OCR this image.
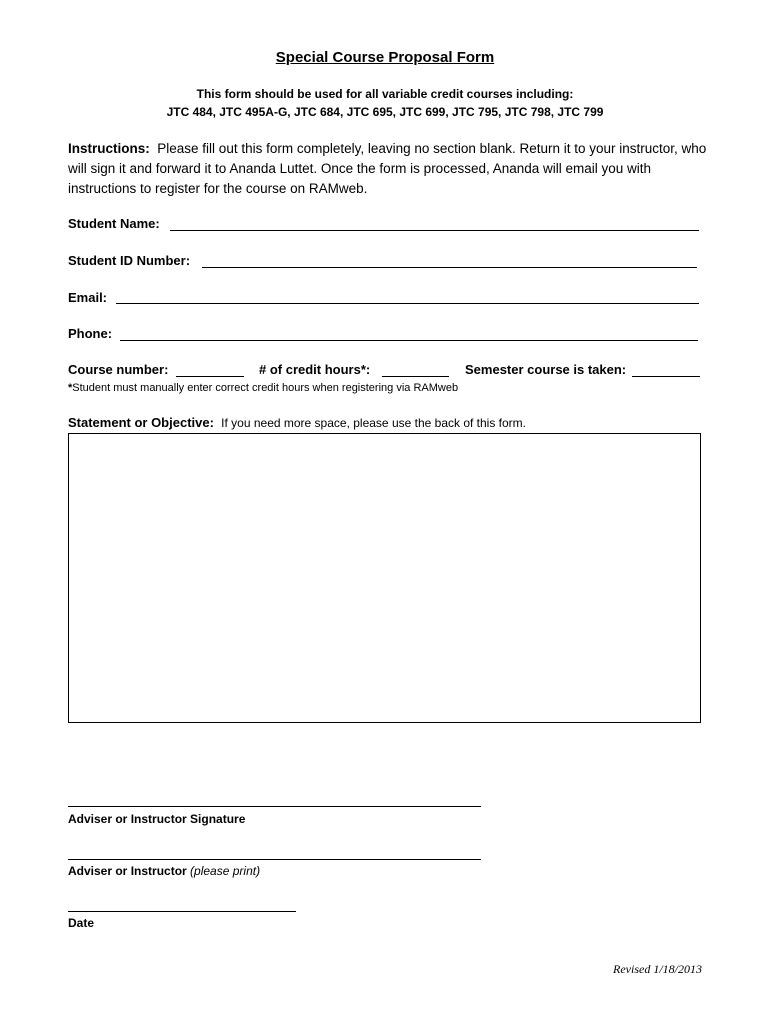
Special Course Proposal Form
This form should be used for all variable credit courses including:
JTC 484, JTC 495A-G, JTC 684, JTC 695, JTC 699, JTC 795, JTC 798, JTC 799
Instructions: Please fill out this form completely, leaving no section blank. Return it to your instructor, who will sign it and forward it to Ananda Luttet. Once the form is processed, Ananda will email you with instructions to register for the course on RAMweb.
Student Name:
Student ID Number:
Email:
Phone:
Course number:	# of credit hours*:	Semester course is taken:
*Student must manually enter correct credit hours when registering via RAMweb
Statement or Objective: If you need more space, please use the back of this form.
Adviser or Instructor Signature
Adviser or Instructor (please print)
Date
Revised 1/18/2013
